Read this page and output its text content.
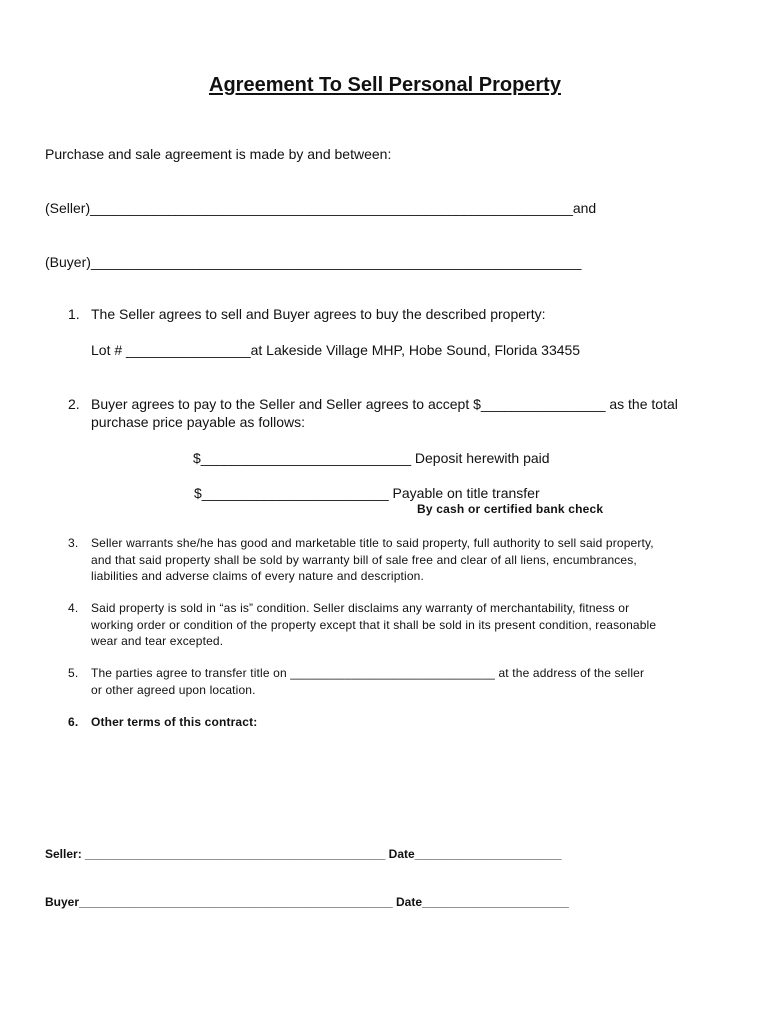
Agreement To Sell Personal Property
Purchase and sale agreement is made by and between:
(Seller)______________________________________________________________and
(Buyer)_______________________________________________________________
1. The Seller agrees to sell and Buyer agrees to buy the described property:
Lot # ________________at Lakeside Village MHP, Hobe Sound, Florida 33455
2. Buyer agrees to pay to the Seller and Seller agrees to accept $________________ as the total
purchase price payable as follows:
$___________________________ Deposit herewith paid
$________________________ Payable on title transfer
By cash or certified bank check
3. Seller warrants she/he has good and marketable title to said property, full authority to sell said property,
and that said property shall be sold by warranty bill of sale free and clear of all liens, encumbrances,
liabilities and adverse claims of every nature and description.
4. Said property is sold in “as is” condition. Seller disclaims any warranty of merchantability, fitness or
working order or condition of the property except that it shall be sold in its present condition, reasonable
wear and tear excepted.
5. The parties agree to transfer title on ______________________________ at the address of the seller
or other agreed upon location.
6. Other terms of this contract:
Seller: _____________________________________________ Date______________________
Buyer_______________________________________________ Date______________________
